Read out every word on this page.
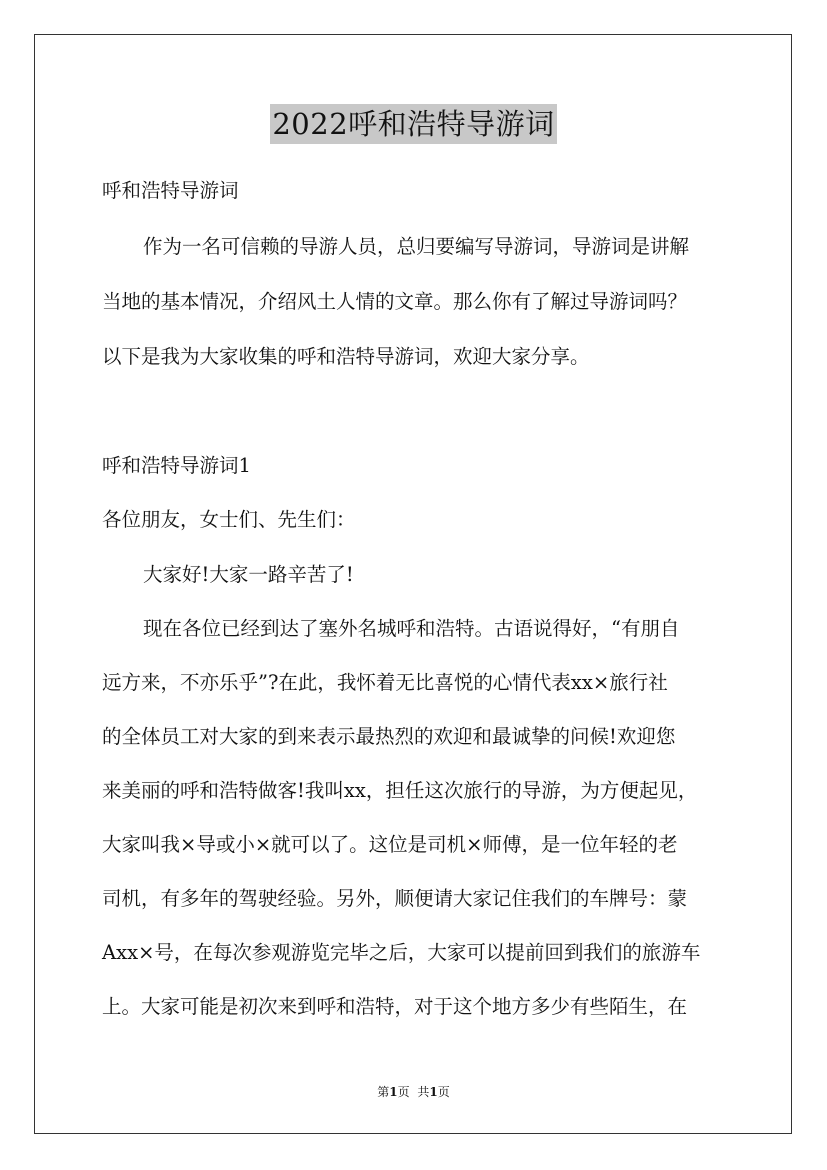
2022呼和浩特导游词
呼和浩特导游词
作为一名可信赖的导游人员，总归要编写导游词，导游词是讲解
当地的基本情况，介绍风土人情的文章。那么你有了解过导游词吗？
以下是我为大家收集的呼和浩特导游词，欢迎大家分享。
呼和浩特导游词1
各位朋友，女士们、先生们：
大家好!大家一路辛苦了!
现在各位已经到达了塞外名城呼和浩特。古语说得好，“有朋自
远方来，不亦乐乎”?在此，我怀着无比喜悦的心情代表xx×旅行社
的全体员工对大家的到来表示最热烈的欢迎和最诚挚的问候!欢迎您
来美丽的呼和浩特做客!我叫xx，担任这次旅行的导游，为方便起见，
大家叫我×导或小×就可以了。这位是司机×师傅，是一位年轻的老
司机，有多年的驾驶经验。另外，顺便请大家记住我们的车牌号：蒙
Axx×号，在每次参观游览完毕之后，大家可以提前回到我们的旅游车
上。大家可能是初次来到呼和浩特，对于这个地方多少有些陌生，在
第1页 共1页
